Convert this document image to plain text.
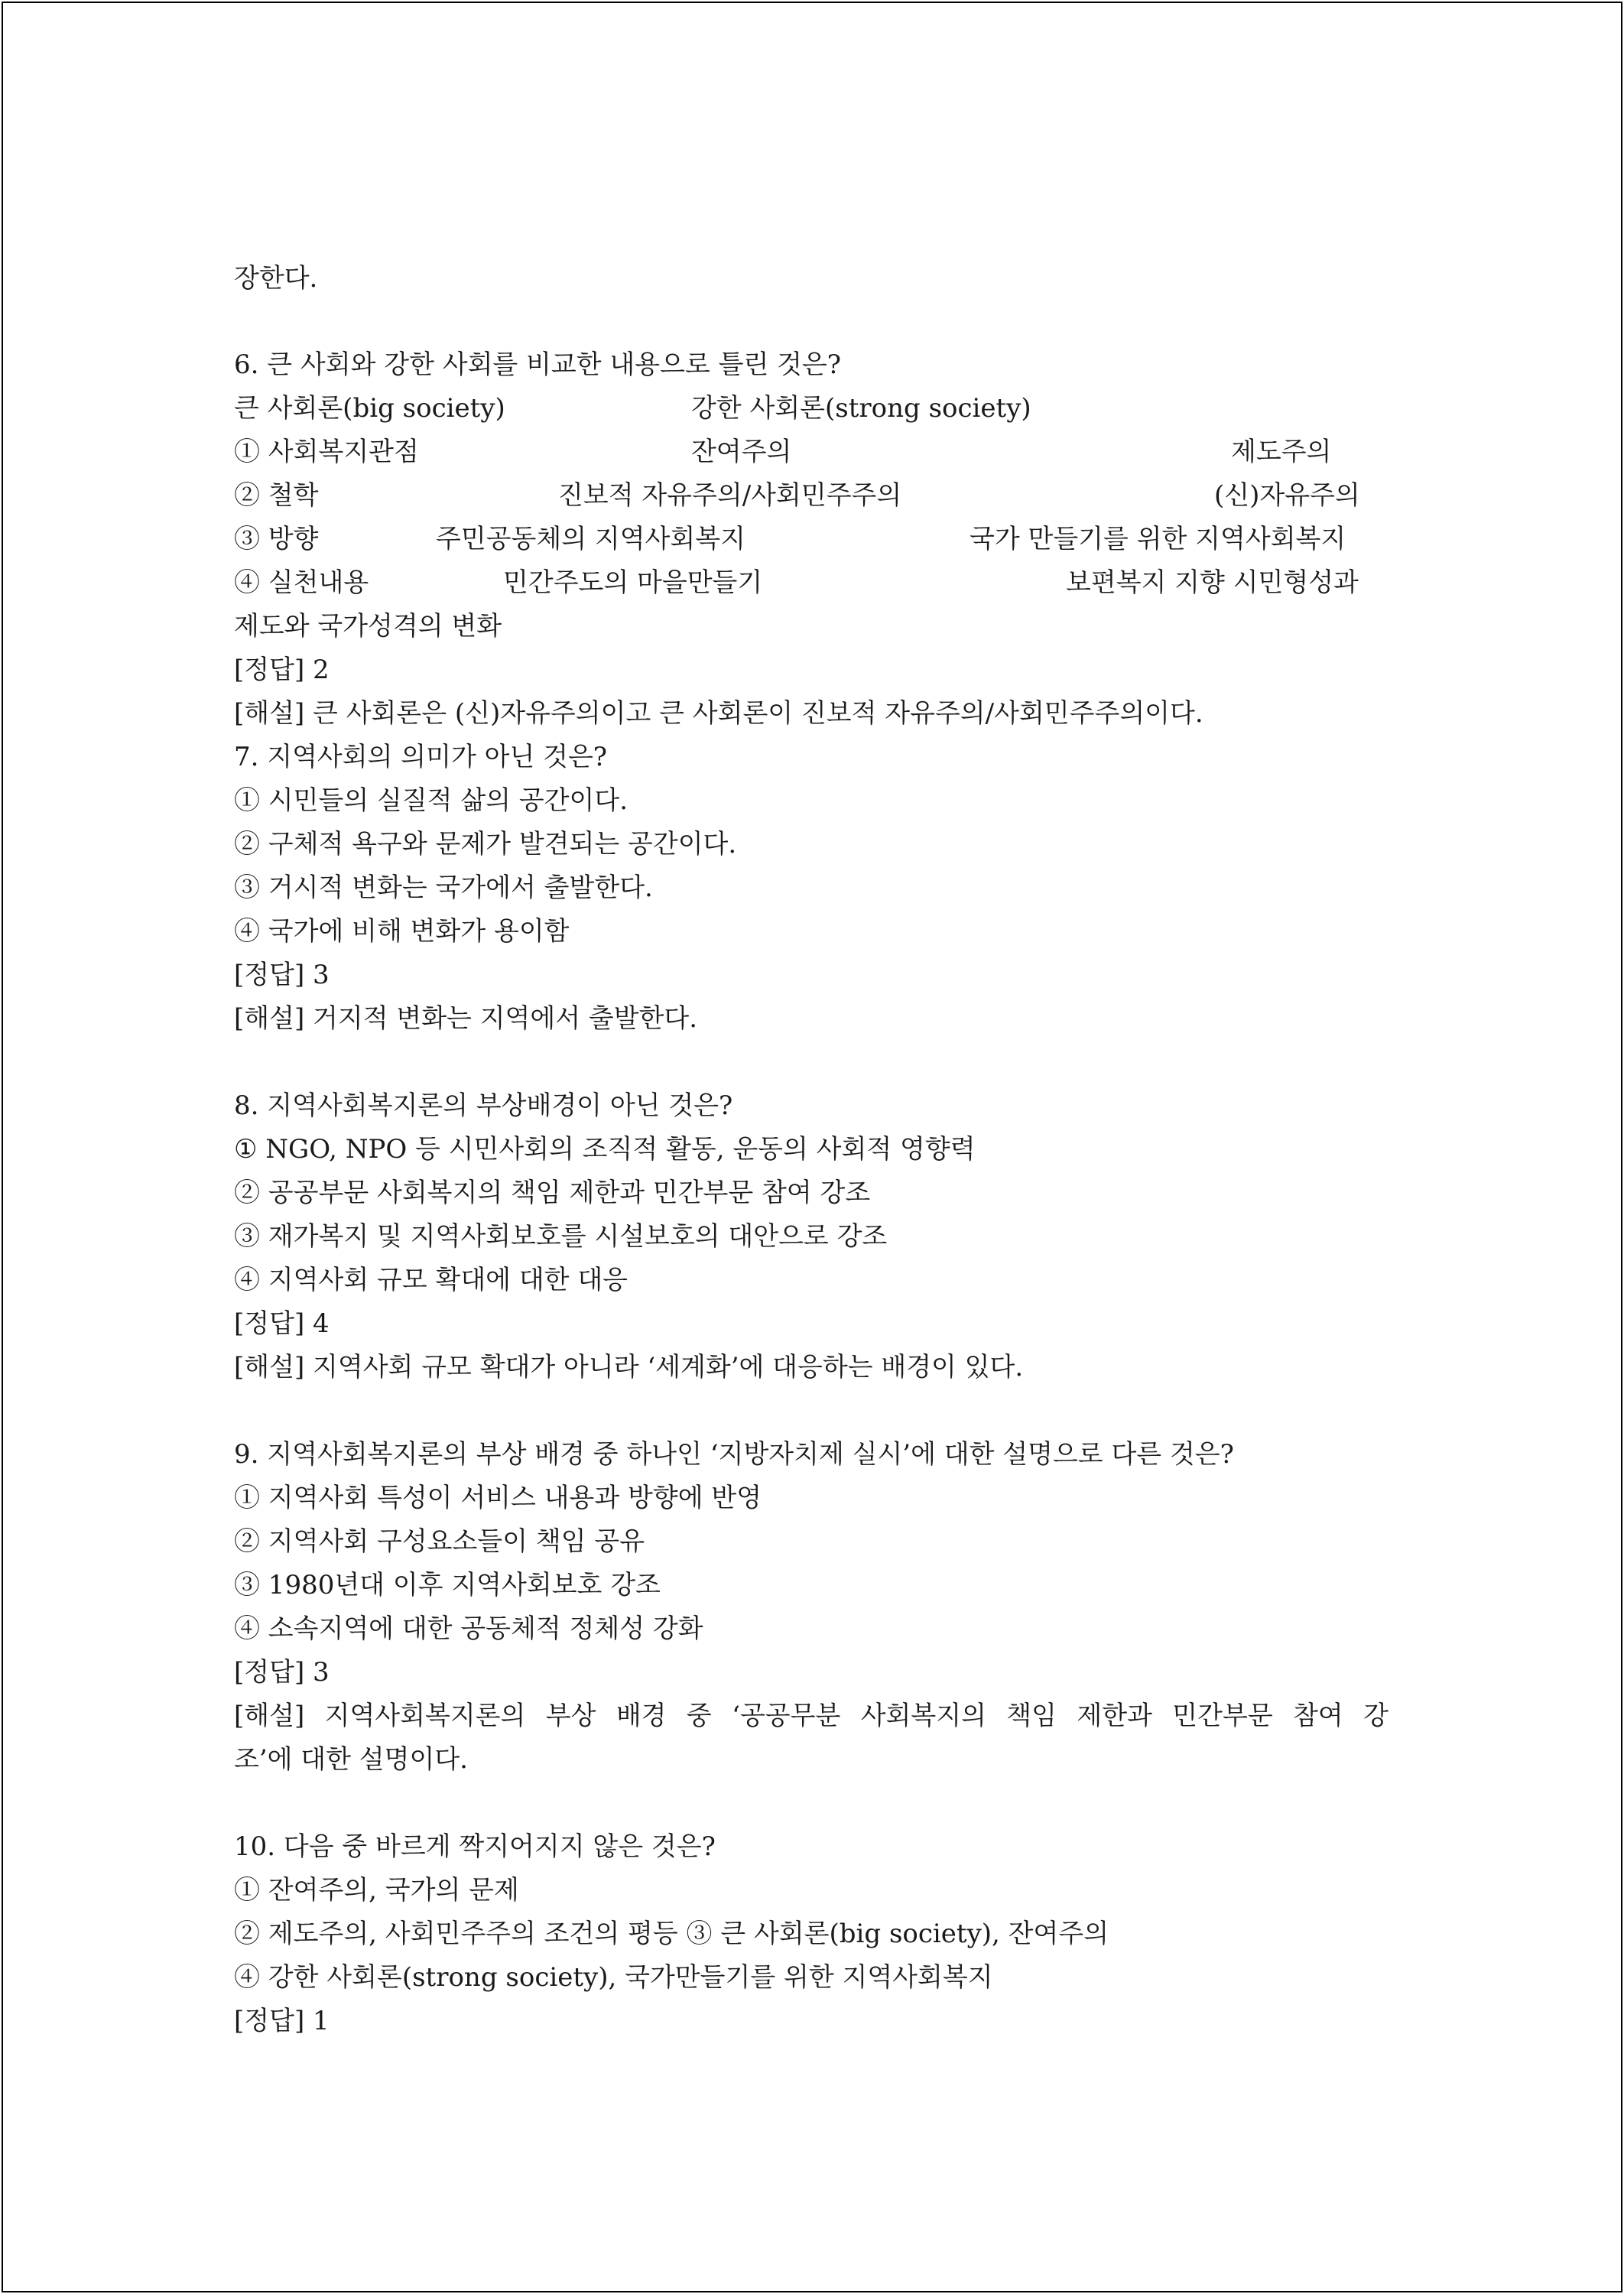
장한다.
6. 큰 사회와 강한 사회를 비교한 내용으로 틀린 것은?
큰 사회론(big society)	강한 사회론(strong society)
① 사회복지관점	잔여주의	제도주의
② 철학	진보적 자유주의/사회민주주의	(신)자유주의
③ 방향	주민공동체의 지역사회복지	국가 만들기를 위한 지역사회복지
④ 실천내용	민간주도의 마을만들기	보편복지 지향 시민형성과
제도와 국가성격의 변화
[정답] 2
[해설] 큰 사회론은 (신)자유주의이고 큰 사회론이 진보적 자유주의/사회민주주의이다.
7. 지역사회의 의미가 아닌 것은?
① 시민들의 실질적 삶의 공간이다.
② 구체적 욕구와 문제가 발견되는 공간이다.
③ 거시적 변화는 국가에서 출발한다.
④ 국가에 비해 변화가 용이함
[정답] 3
[해설] 거지적 변화는 지역에서 출발한다.
8. 지역사회복지론의 부상배경이 아닌 것은?
① NGO, NPO 등 시민사회의 조직적 활동, 운동의 사회적 영향력
② 공공부문 사회복지의 책임 제한과 민간부문 참여 강조
③ 재가복지 및 지역사회보호를 시설보호의 대안으로 강조
④ 지역사회 규모 확대에 대한 대응
[정답] 4
[해설] 지역사회 규모 확대가 아니라 ‘세계화’에 대응하는 배경이 있다.
9. 지역사회복지론의 부상 배경 중 하나인 ‘지방자치제 실시’에 대한 설명으로 다른 것은?
① 지역사회 특성이 서비스 내용과 방향에 반영
② 지역사회 구성요소들이 책임 공유
③ 1980년대 이후 지역사회보호 강조
④ 소속지역에 대한 공동체적 정체성 강화
[정답] 3
[해설] 지역사회복지론의 부상 배경 중 ‘공공무분 사회복지의 책임 제한과 민간부문 참여 강
조’에 대한 설명이다.
10. 다음 중 바르게 짝지어지지 않은 것은?
① 잔여주의, 국가의 문제
② 제도주의, 사회민주주의 조건의 평등 ③ 큰 사회론(big society), 잔여주의
④ 강한 사회론(strong society), 국가만들기를 위한 지역사회복지
[정답] 1
